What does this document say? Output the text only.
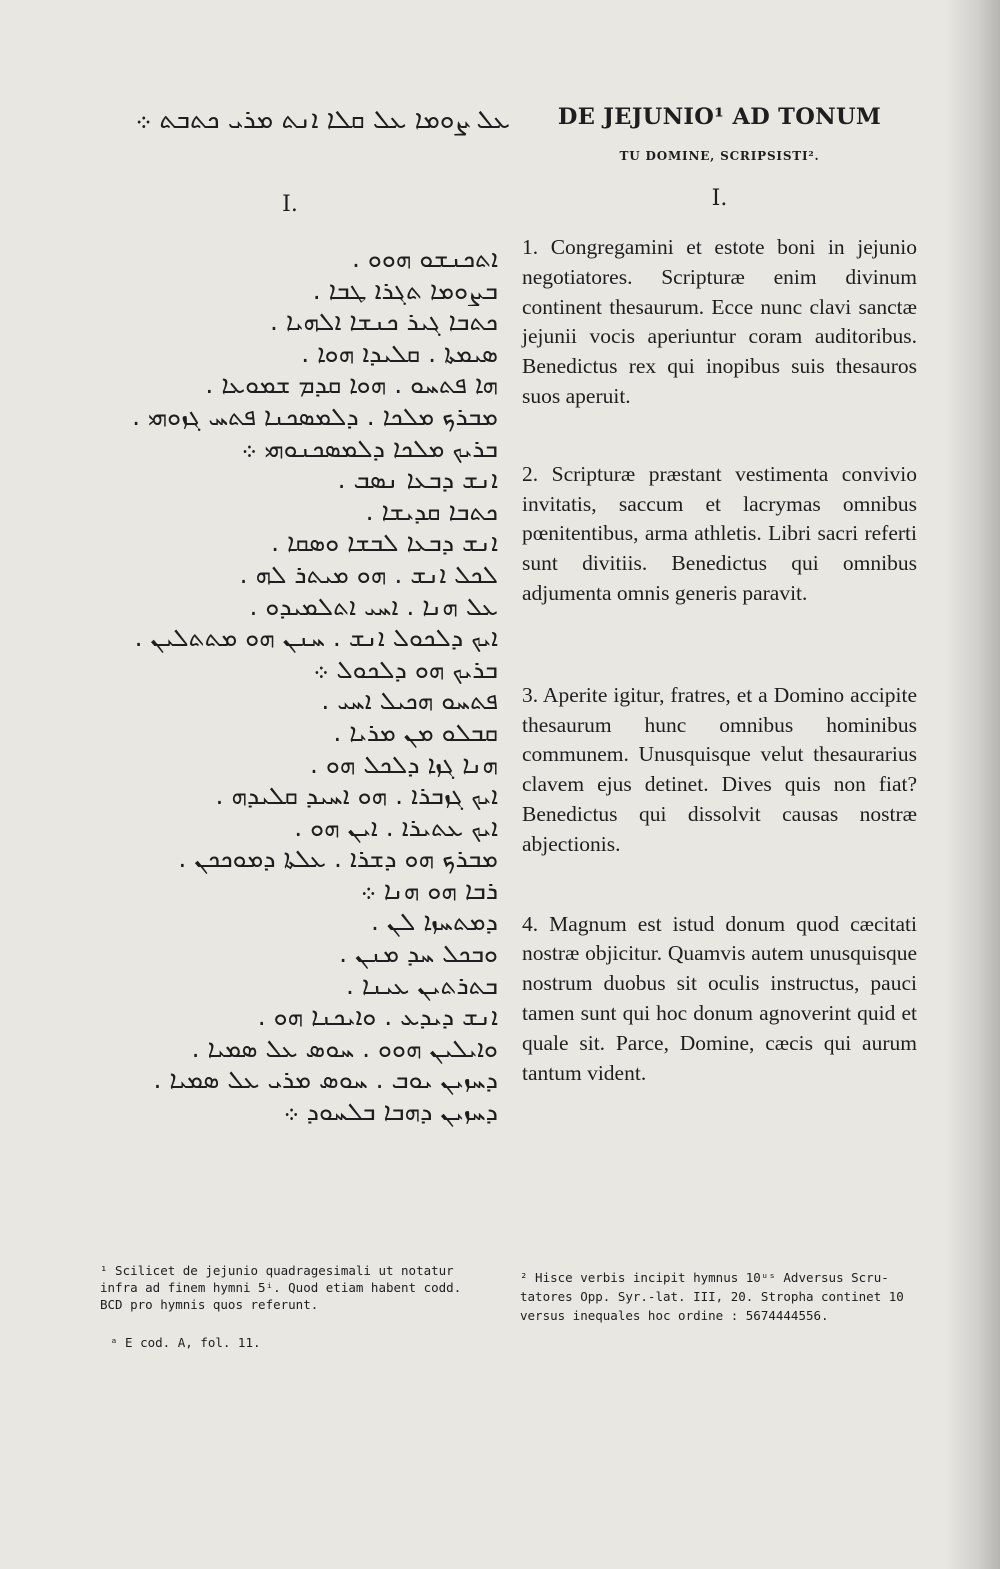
ܥܠ ܨܘܡܐ ܥܠ ܩܠܐ ܐܢܬ ܡܪܝ ܟܬܒܬ ܀

I.

ܐܬܟܢܫܘ ܗܘܘ .

ܒܨܘܡܐ ܬܓܪܐ ܛܒܐ .

ܟܬܒܐ ܓܝܪ ܟܢܫܐ ܐܠܗܝܐ .

ܣܝܡܬܐ . ܩܠܝܕܐ ܗܘܐ .

ܗܐ ܦܬܚܘ . ܗܘܐ ܩܕܡ ܫܡܘܥܐ .

ܡܒܪܟ ܡܠܟܐ . ܕܠܡܣܟܢܐ ܦܬܚ ܓܙܘܗܝ .

ܒܪܝܟ ܡܠܟܐ ܕܠܡܣܟܢܘܗܝ ܀

ܐܢܫ ܕܒܥܐ ܢܣܒ .

ܟܬܒܐ ܩܕܝܫܐ .

ܐܢܫ ܕܒܥܐ ܠܒܫܐ ܘܣܩܐ .

ܠܟܠ ܐܢܫ . ܗܘ ܡܝܬܪ ܠܗ .

ܥܠ ܗܢܐ . ܐܚܝ ܐܬܠܡܝܕܘ .

ܐܝܟ ܕܠܟܘܠ ܐܢܫ . ܚܢܢ ܗܘ ܡܬܬܠܝܢ .

ܒܪܝܟ ܗܘ ܕܠܟܘܠ ܀

ܦܬܚܘ ܗܟܝܠ ܐܚܝ .

ܩܒܠܘ ܡܢ ܡܪܝܐ .

ܗܢܐ ܓܙܐ ܕܠܟܠ ܗܘ .

ܐܝܟ ܓܙܒܪܐ . ܗܘ ܐܚܝܕ ܩܠܝܕܗ .

ܐܝܟ ܥܬܝܪܐ . ܐܝܢ ܗܘ .

ܡܒܪܟ ܗܘ ܕܫܪܐ . ܥܠܬܐ ܕܡܘܟܟܢ .

ܪܒܐ ܗܘ ܗܢܐ ܀

ܕܡܬܚܙܐ ܠܢ .

ܘܒܟܠ ܚܕ ܡܢܢ .

ܒܬܪܬܝܢ ܥܝܢܐ .

ܐܢܫ ܕܝܕܥ . ܘܐܝܟܢܐ ܗܘ .

ܘܐܝܠܝܢ ܗܘܘ . ܚܘܣ ܥܠ ܣܡܝܐ .

ܕܚܙܝܢ ܝܘܒ . ܚܘܣ ܡܪܝ ܥܠ ܣܡܝܐ .

ܕܚܙܝܢ ܕܗܒܐ ܒܠܚܘܕ ܀

DE JEJUNIO¹ AD TONUM

TU DOMINE, SCRIPSISTI².

I.

1. Congregamini et estote boni in jejunio negotiatores. Scripturæ enim divinum continent thesaurum. Ecce nunc clavi sanctæ jejunii vocis aperiuntur coram auditoribus. Benedictus rex qui inopibus suis thesauros suos aperuit.

2. Scripturæ præstant vestimenta convivio invitatis, saccum et lacrymas omnibus pœnitentibus, arma athletis. Libri sacri referti sunt divitiis. Benedictus qui omnibus adjumenta omnis generis paravit.

3. Aperite igitur, fratres, et a Domino accipite thesaurum hunc omnibus hominibus communem. Unusquisque velut thesaurarius clavem ejus detinet. Dives quis non fiat? Benedictus qui dissolvit causas nostræ abjectionis.

4. Magnum est istud donum quod cæcitati nostræ objicitur. Quamvis autem unusquisque nostrum duobus sit oculis instructus, pauci tamen sunt qui hoc donum agnoverint quid et quale sit. Parce, Domine, cæcis qui aurum tantum vident.

¹ Scilicet de jejunio quadragesimali ut notatur
infra ad finem hymni 5ⁱ. Quod etiam habent codd.
BCD pro hymnis quos referunt.
ᵃ E cod. A, fol. 11.
² Hisce verbis incipit hymnus 10ᵘˢ Adversus Scru-
tatores Opp. Syr.-lat. III, 20. Stropha continet 10
versus inequales hoc ordine : 5674444556.
